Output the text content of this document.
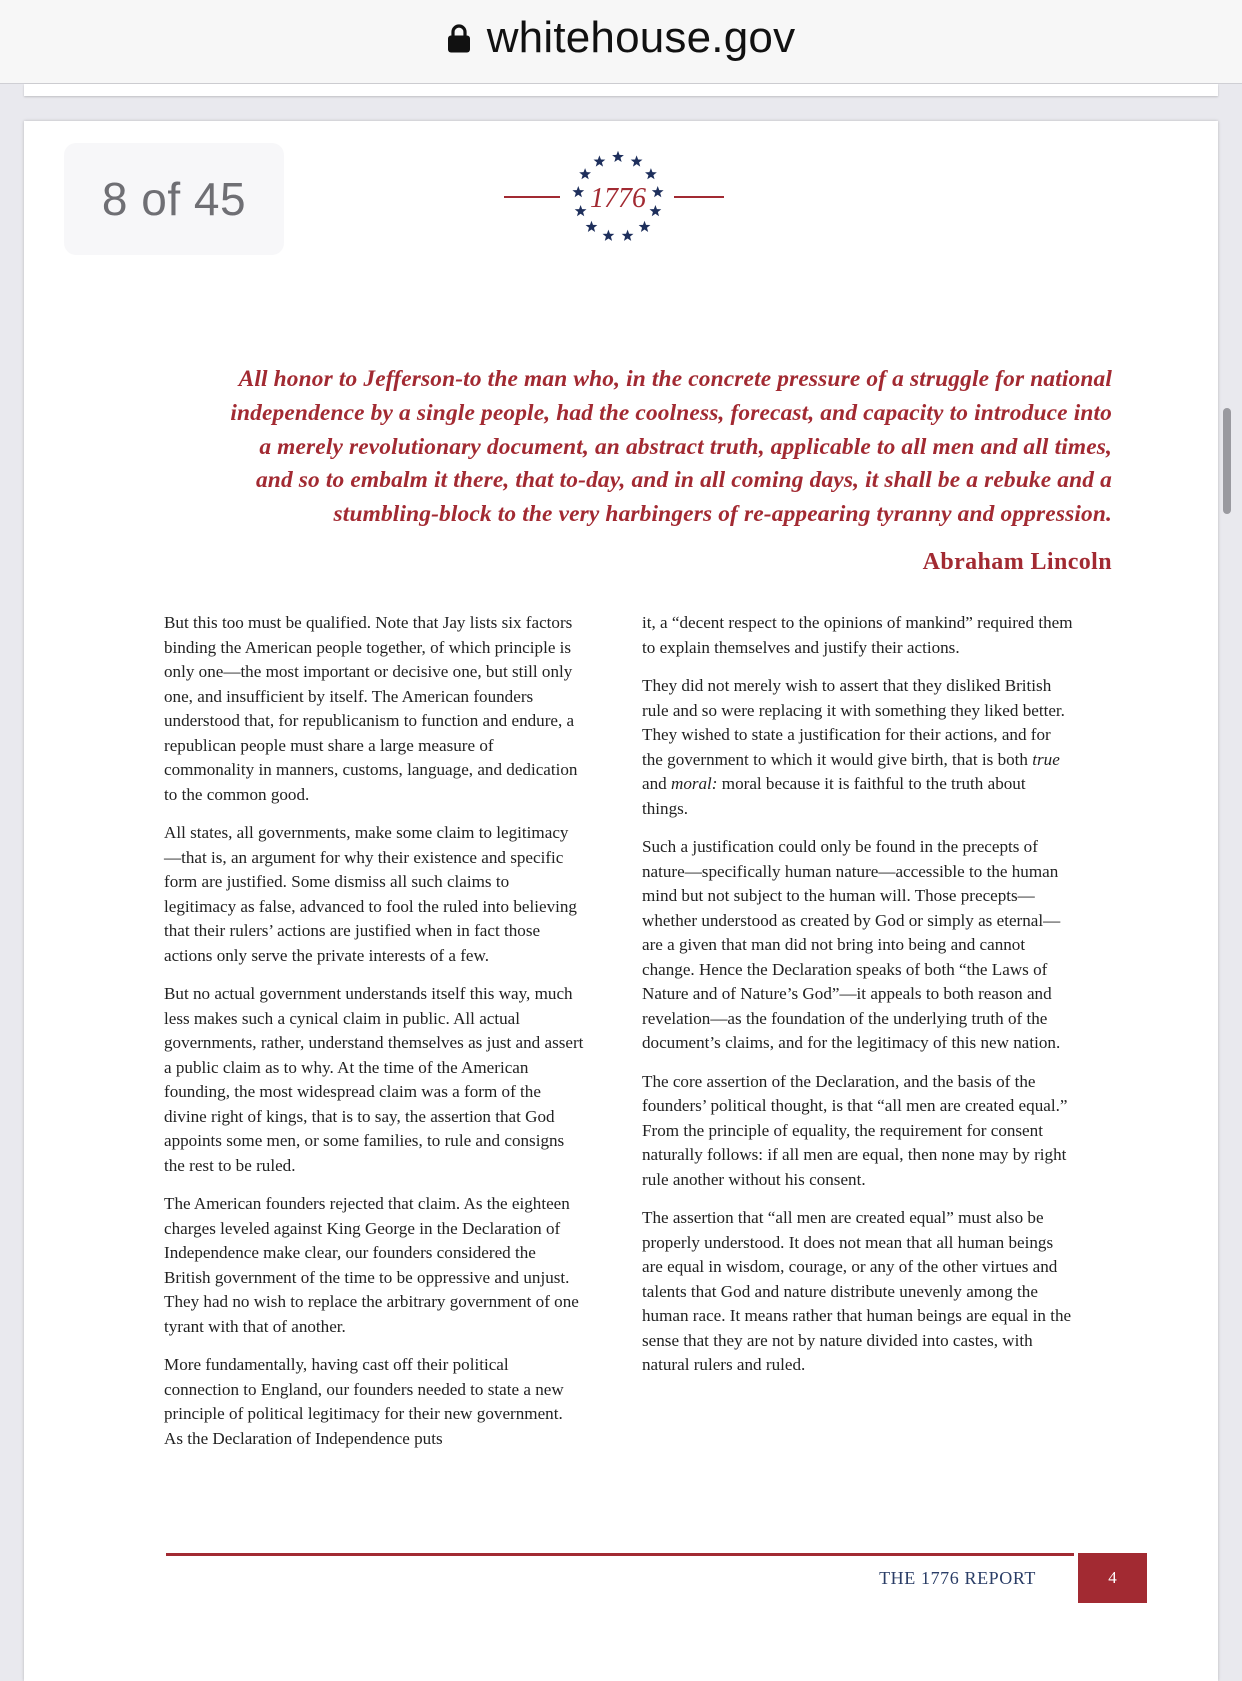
whitehouse.gov
8 of 45	1776
All honor to Jefferson-to the man who, in the concrete pressure of a struggle for national
independence by a single people, had the coolness, forecast, and capacity to introduce into
a merely revolutionary document, an abstract truth, applicable to all men and all times,
and so to embalm it there, that to-day, and in all coming days, it shall be a rebuke and a
stumbling-block to the very harbingers of re-appearing tyranny and oppression.
Abraham Lincoln

But this too must be qualified. Note that Jay lists six factors binding the American people together, of which principle is only one—the most important or decisive one, but still only one, and insufficient by itself. The American founders understood that, for republicanism to function and endure, a republican people must share a large measure of commonality in manners, customs, language, and dedication to the common good.

All states, all governments, make some claim to legitimacy—that is, an argument for why their existence and specific form are justified. Some dismiss all such claims to legitimacy as false, advanced to fool the ruled into believing that their rulers’ actions are justified when in fact those actions only serve the private interests of a few.

But no actual government understands itself this way, much less makes such a cynical claim in public. All actual governments, rather, understand themselves as just and assert a public claim as to why. At the time of the American founding, the most widespread claim was a form of the divine right of kings, that is to say, the assertion that God appoints some men, or some families, to rule and consigns the rest to be ruled.

The American founders rejected that claim. As the eighteen charges leveled against King George in the Declaration of Independence make clear, our founders considered the British government of the time to be oppressive and unjust. They had no wish to replace the arbitrary government of one tyrant with that of another.

More fundamentally, having cast off their political connection to England, our founders needed to state a new principle of political legitimacy for their new government. As the Declaration of Independence puts

it, a “decent respect to the opinions of mankind” required them to explain themselves and justify their actions.

They did not merely wish to assert that they disliked British rule and so were replacing it with something they liked better. They wished to state a justification for their actions, and for the government to which it would give birth, that is both true and moral: moral because it is faithful to the truth about things.

Such a justification could only be found in the precepts of nature—specifically human nature—accessible to the human mind but not subject to the human will. Those precepts—whether understood as created by God or simply as eternal—are a given that man did not bring into being and cannot change. Hence the Declaration speaks of both “the Laws of Nature and of Nature’s God”—it appeals to both reason and revelation—as the foundation of the underlying truth of the document’s claims, and for the legitimacy of this new nation.

The core assertion of the Declaration, and the basis of the founders’ political thought, is that “all men are created equal.” From the principle of equality, the requirement for consent naturally follows: if all men are equal, then none may by right rule another without his consent.

The assertion that “all men are created equal” must also be properly understood. It does not mean that all human beings are equal in wisdom, courage, or any of the other virtues and talents that God and nature distribute unevenly among the human race. It means rather that human beings are equal in the sense that they are not by nature divided into castes, with natural rulers and ruled.

THE 1776 REPORT	4
